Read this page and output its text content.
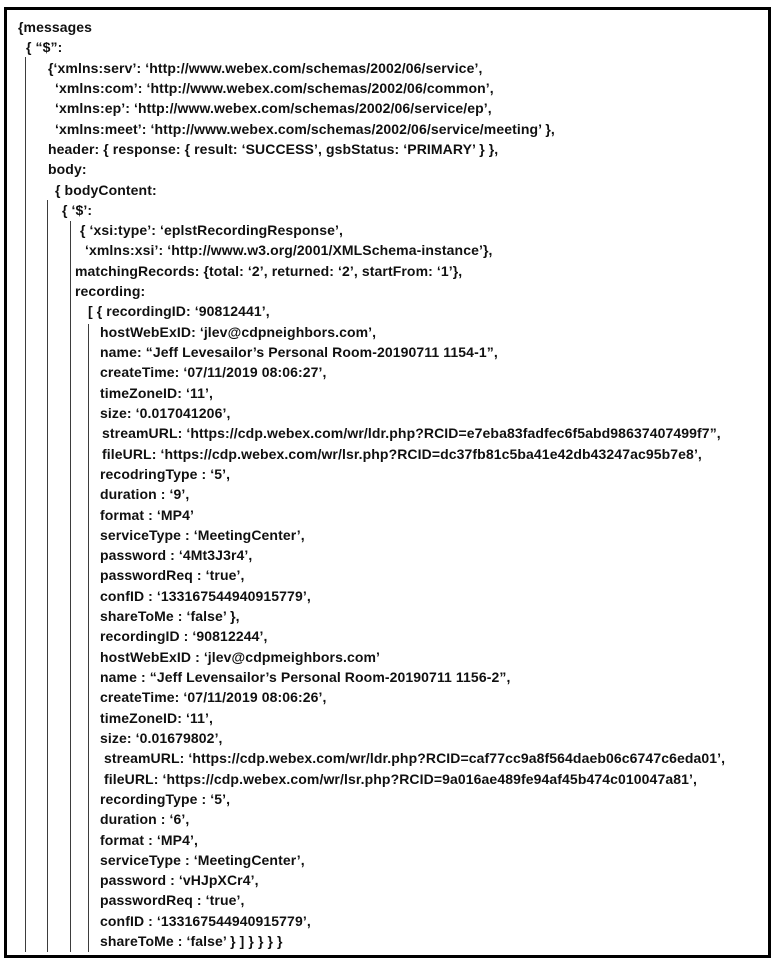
{messages
{ “$”:
{‘xmlns:serv’: ‘http://www.webex.com/schemas/2002/06/service’,
‘xmlns:com’: ‘http://www.webex.com/schemas/2002/06/common’,
‘xmlns:ep’: ‘http://www.webex.com/schemas/2002/06/service/ep’,
‘xmlns:meet’: ‘http://www.webex.com/schemas/2002/06/service/meeting’ },
header: { response: { result: ‘SUCCESS’, gsbStatus: ‘PRIMARY’ } },
body:
{ bodyContent:
{ ‘$’:
{ ‘xsi:type’: ‘eplstRecordingResponse’,
‘xmlns:xsi’: ‘http://www.w3.org/2001/XMLSchema-instance’},
matchingRecords: {total: ‘2’, returned: ‘2’, startFrom: ‘1’},
recording:
[ { recordingID: ‘90812441’,
hostWebExID: ‘jlev@cdpneighbors.com’,
name: “Jeff Levesailor’s Personal Room-20190711 1154-1”,
createTime: ‘07/11/2019 08:06:27’,
timeZoneID: ‘11’,
size: ‘0.017041206’,
streamURL: ‘https://cdp.webex.com/wr/ldr.php?RCID=e7eba83fadfec6f5abd98637407499f7”,
fileURL: ‘https://cdp.webex.com/wr/lsr.php?RCID=dc37fb81c5ba41e42db43247ac95b7e8’,
recodringType : ‘5’,
duration : ‘9’,
format : ‘MP4’
serviceType : ‘MeetingCenter’,
password : ‘4Mt3J3r4’,
passwordReq : ‘true’,
confID : ‘133167544940915779’,
shareToMe : ‘false’ },
recordingID : ‘90812244’,
hostWebExID : ‘jlev@cdpmeighbors.com’
name : “Jeff Levensailor’s Personal Room-20190711 1156-2”,
createTime: ‘07/11/2019 08:06:26’,
timeZoneID: ‘11’,
size: ‘0.01679802’,
streamURL: ‘https://cdp.webex.com/wr/ldr.php?RCID=caf77cc9a8f564daeb06c6747c6eda01’,
fileURL: ‘https://cdp.webex.com/wr/lsr.php?RCID=9a016ae489fe94af45b474c010047a81’,
recordingType : ‘5’,
duration : ‘6’,
format : ‘MP4’,
serviceType : ‘MeetingCenter’,
password : ‘vHJpXCr4’,
passwordReq : ‘true’,
confID : ‘133167544940915779’,
shareToMe : ‘false’ } ] } } } }
